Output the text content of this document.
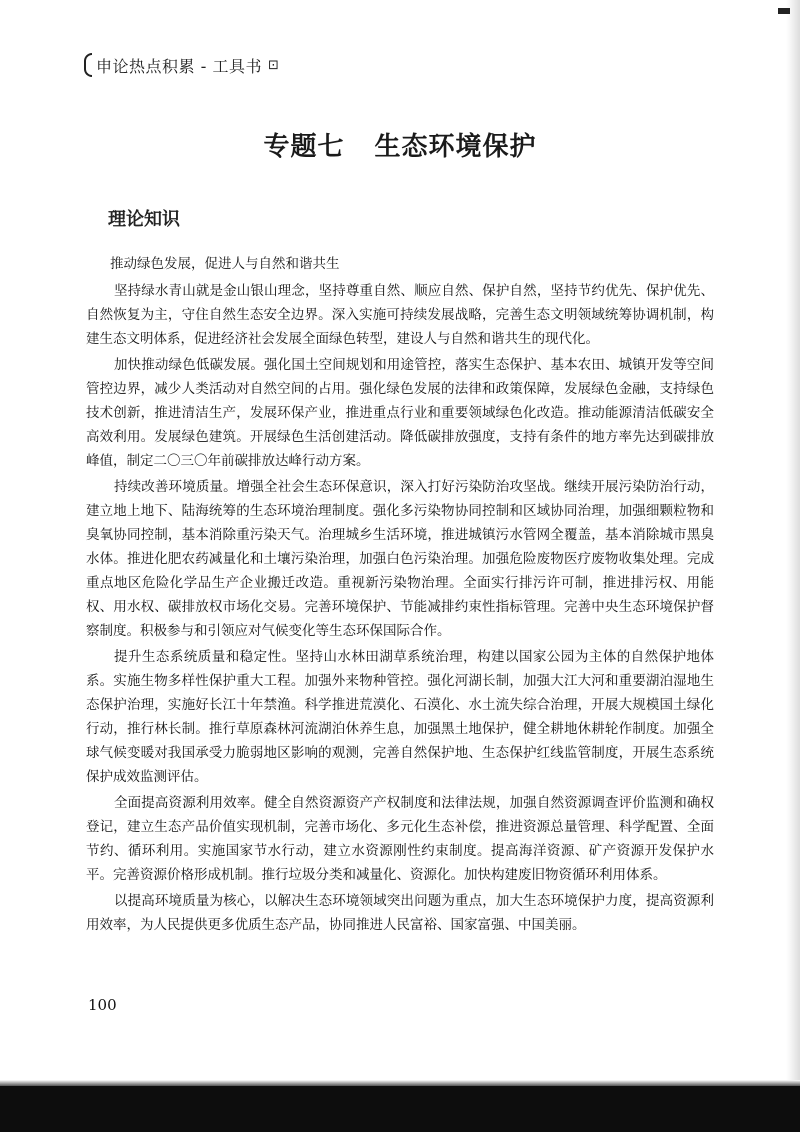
申论热点积累 - 工具书 ⊡
专题七 生态环境保护
理论知识
推动绿色发展，促进人与自然和谐共生

坚持绿水青山就是金山银山理念，坚持尊重自然、顺应自然、保护自然，坚持节约优先、保护优先、自然恢复为主，守住自然生态安全边界。深入实施可持续发展战略，完善生态文明领域统筹协调机制，构建生态文明体系，促进经济社会发展全面绿色转型，建设人与自然和谐共生的现代化。

加快推动绿色低碳发展。强化国土空间规划和用途管控，落实生态保护、基本农田、城镇开发等空间管控边界，减少人类活动对自然空间的占用。强化绿色发展的法律和政策保障，发展绿色金融，支持绿色技术创新，推进清洁生产，发展环保产业，推进重点行业和重要领域绿色化改造。推动能源清洁低碳安全高效利用。发展绿色建筑。开展绿色生活创建活动。降低碳排放强度，支持有条件的地方率先达到碳排放峰值，制定二〇三〇年前碳排放达峰行动方案。

持续改善环境质量。增强全社会生态环保意识，深入打好污染防治攻坚战。继续开展污染防治行动，建立地上地下、陆海统筹的生态环境治理制度。强化多污染物协同控制和区域协同治理，加强细颗粒物和臭氧协同控制，基本消除重污染天气。治理城乡生活环境，推进城镇污水管网全覆盖，基本消除城市黑臭水体。推进化肥农药减量化和土壤污染治理，加强白色污染治理。加强危险废物医疗废物收集处理。完成重点地区危险化学品生产企业搬迁改造。重视新污染物治理。全面实行排污许可制，推进排污权、用能权、用水权、碳排放权市场化交易。完善环境保护、节能减排约束性指标管理。完善中央生态环境保护督察制度。积极参与和引领应对气候变化等生态环保国际合作。

提升生态系统质量和稳定性。坚持山水林田湖草系统治理，构建以国家公园为主体的自然保护地体系。实施生物多样性保护重大工程。加强外来物种管控。强化河湖长制，加强大江大河和重要湖泊湿地生态保护治理，实施好长江十年禁渔。科学推进荒漠化、石漠化、水土流失综合治理，开展大规模国土绿化行动，推行林长制。推行草原森林河流湖泊休养生息，加强黑土地保护，健全耕地休耕轮作制度。加强全球气候变暖对我国承受力脆弱地区影响的观测，完善自然保护地、生态保护红线监管制度，开展生态系统保护成效监测评估。

全面提高资源利用效率。健全自然资源资产产权制度和法律法规，加强自然资源调查评价监测和确权登记，建立生态产品价值实现机制，完善市场化、多元化生态补偿，推进资源总量管理、科学配置、全面节约、循环利用。实施国家节水行动，建立水资源刚性约束制度。提高海洋资源、矿产资源开发保护水平。完善资源价格形成机制。推行垃圾分类和减量化、资源化。加快构建废旧物资循环利用体系。

以提高环境质量为核心，以解决生态环境领域突出问题为重点，加大生态环境保护力度，提高资源利用效率，为人民提供更多优质生态产品，协同推进人民富裕、国家富强、中国美丽。

100
